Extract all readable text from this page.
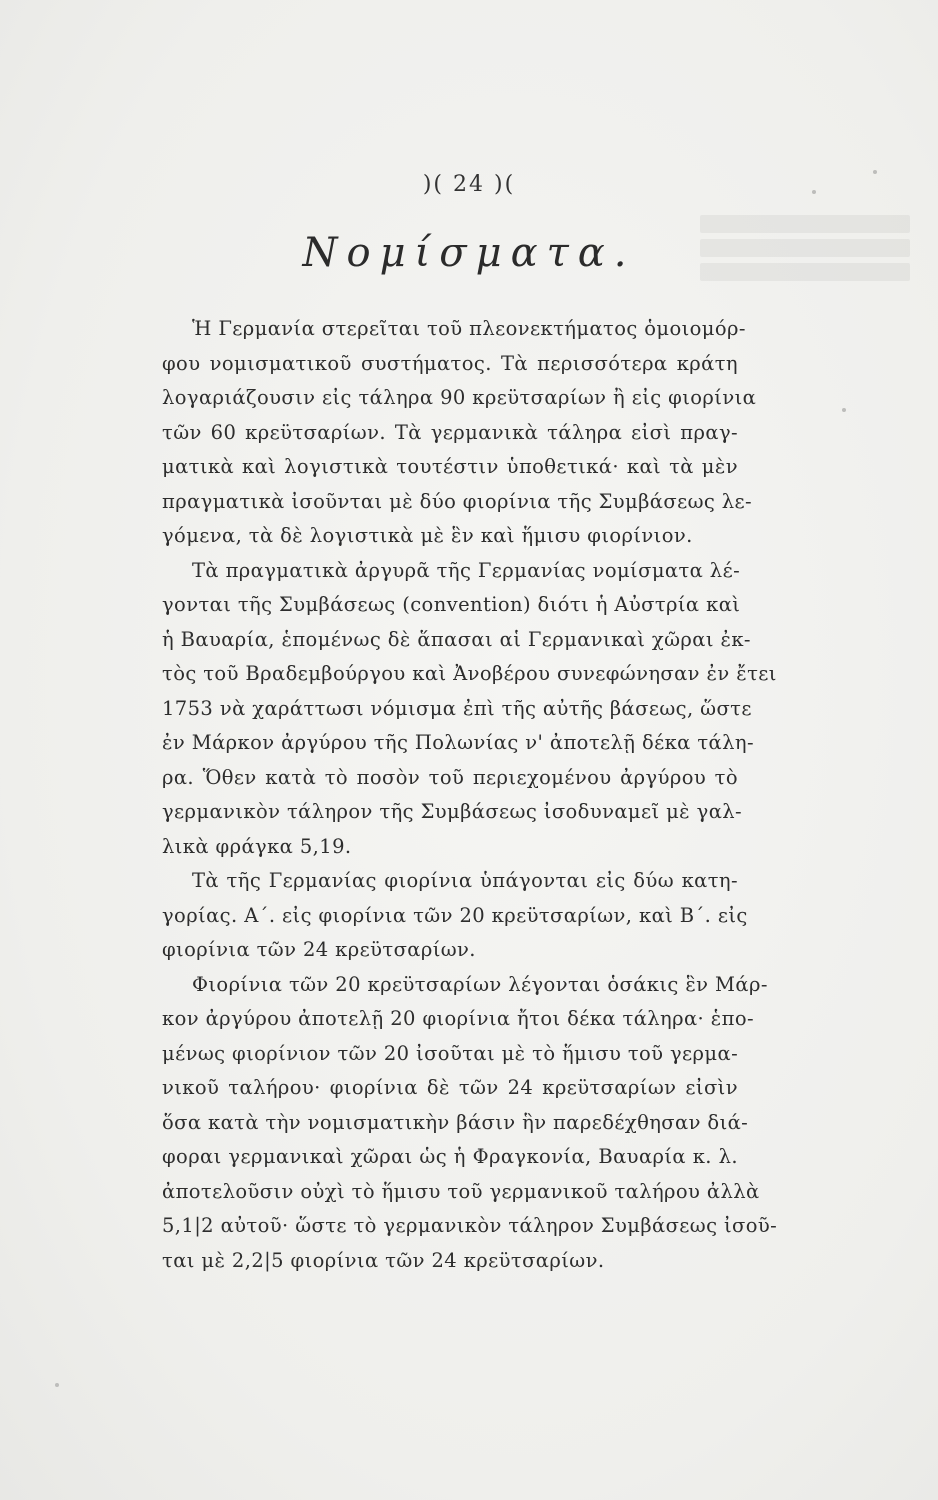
)( 24 )(
Νομίσματα.
Ἡ Γερμανία στερεῖται τοῦ πλεονεκτήματος ὁμοιομόρ-
φου νομισματικοῦ συστήματος. Τὰ περισσότερα κράτη
λογαριάζουσιν εἰς τάληρα 90 κρεϋτσαρίων ἢ εἰς φιορίνια
τῶν 60 κρεϋτσαρίων. Τὰ γερμανικὰ τάληρα εἰσὶ πραγ-
ματικὰ καὶ λογιστικὰ τουτέστιν ὑποθετικά· καὶ τὰ μὲν
πραγματικὰ ἰσοῦνται μὲ δύο φιορίνια τῆς Συμβάσεως λε-
γόμενα, τὰ δὲ λογιστικὰ μὲ ἓν καὶ ἥμισυ φιορίνιον.
Τὰ πραγματικὰ ἀργυρᾶ τῆς Γερμανίας νομίσματα λέ-
γονται τῆς Συμβάσεως (convention) διότι ἡ Αὐστρία καὶ
ἡ Βαυαρία, ἑπομένως δὲ ἅπασαι αἱ Γερμανικαὶ χῶραι ἐκ-
τὸς τοῦ Βραδεμβούργου καὶ Ἀνοβέρου συνεφώνησαν ἐν ἔτει
1753 νὰ χαράττωσι νόμισμα ἐπὶ τῆς αὐτῆς βάσεως, ὥστε
ἐν Μάρκον ἀργύρου τῆς Πολωνίας ν' ἀποτελῇ δέκα τάλη-
ρα. Ὅθεν κατὰ τὸ ποσὸν τοῦ περιεχομένου ἀργύρου τὸ
γερμανικὸν τάληρον τῆς Συμβάσεως ἰσοδυναμεῖ μὲ γαλ-
λικὰ φράγκα 5,19.
Τὰ τῆς Γερμανίας φιορίνια ὑπάγονται εἰς δύω κατη-
γορίας. Α΄. εἰς φιορίνια τῶν 20 κρεϋτσαρίων, καὶ Β΄. εἰς
φιορίνια τῶν 24 κρεϋτσαρίων.
Φιορίνια τῶν 20 κρεϋτσαρίων λέγονται ὁσάκις ἓν Μάρ-
κον ἀργύρου ἀποτελῇ 20 φιορίνια ἤτοι δέκα τάληρα· ἑπο-
μένως φιορίνιον τῶν 20 ἰσοῦται μὲ τὸ ἥμισυ τοῦ γερμα-
νικοῦ ταλήρου· φιορίνια δὲ τῶν 24 κρεϋτσαρίων εἰσὶν
ὅσα κατὰ τὴν νομισματικὴν βάσιν ἣν παρεδέχθησαν διά-
φοραι γερμανικαὶ χῶραι ὡς ἡ Φραγκονία, Βαυαρία κ. λ.
ἀποτελοῦσιν οὐχὶ τὸ ἥμισυ τοῦ γερμανικοῦ ταλήρου ἀλλὰ
5,1|2 αὐτοῦ· ὥστε τὸ γερμανικὸν τάληρον Συμβάσεως ἰσοῦ-
ται μὲ 2,2|5 φιορίνια τῶν 24 κρεϋτσαρίων.
